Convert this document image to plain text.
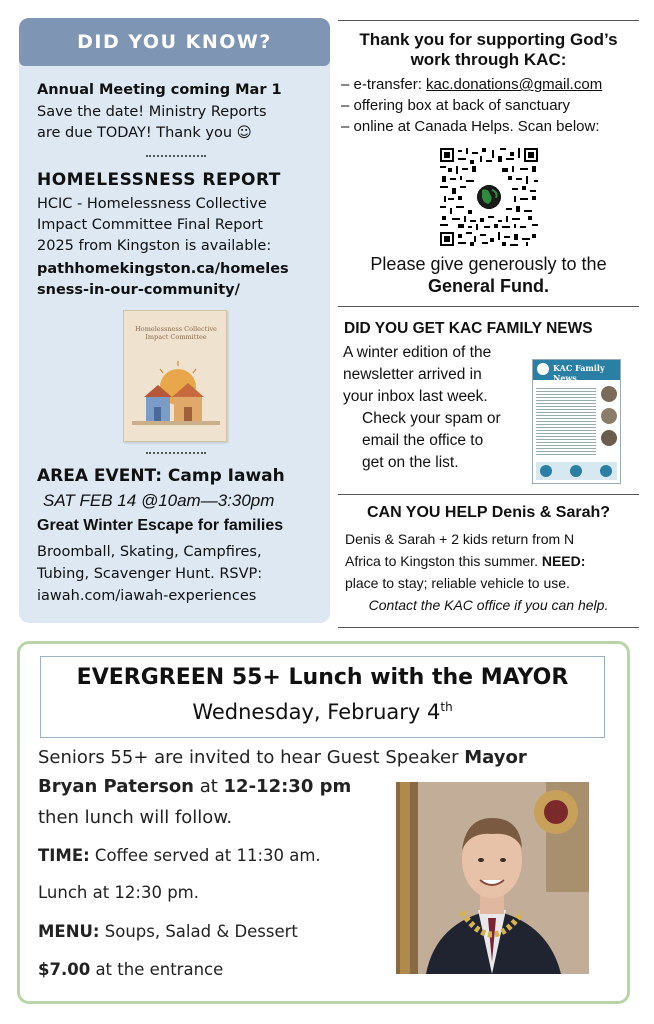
DID YOU KNOW?
Annual Meeting coming Mar 1
Save the date! Ministry Reports
are due TODAY! Thank you ☺
HOMELESSNESS REPORT
HCIC - Homelessness Collective
Impact Committee Final Report
2025 from Kingston is available:
pathhomekingston.ca/homeles
sness-in-our-community/
Homelessness Collective
Impact Committee
AREA EVENT: Camp Iawah
SAT FEB 14 @10am—3:30pm
Great Winter Escape for families
Broomball, Skating, Campfires,
Tubing, Scavenger Hunt. RSVP:
iawah.com/iawah-experiences
Thank you for supporting God’s
work through KAC:
– e-transfer: kac.donations@gmail.com
– offering box at back of sanctuary
– online at Canada Helps. Scan below:
Please give generously to the
General Fund.
DID YOU GET KAC FAMILY NEWS
A winter edition of the
newsletter arrived in
your inbox last week.
Check your spam or
email the office to
get on the list.
KAC Family News
CAN YOU HELP Denis & Sarah?
Denis & Sarah + 2 kids return from N
Africa to Kingston this summer. NEED:
place to stay; reliable vehicle to use.
Contact the KAC office if you can help.
EVERGREEN 55+ Lunch with the MAYOR
Wednesday, February 4th
Seniors 55+ are invited to hear Guest Speaker Mayor
Bryan Paterson at 12-12:30 pm
then lunch will follow.
TIME: Coffee served at 11:30 am.
Lunch at 12:30 pm.
MENU: Soups, Salad & Dessert
$7.00 at the entrance
